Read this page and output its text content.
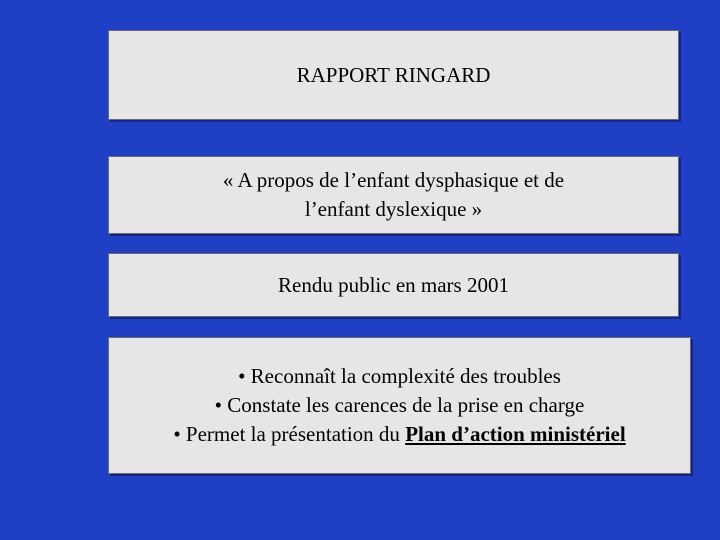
RAPPORT RINGARD
« A propos de l’enfant dysphasique et de
l’enfant dyslexique »
Rendu public en mars 2001
• Reconnaît la complexité des troubles
• Constate les carences de la prise en charge
• Permet la présentation du Plan d’action ministériel
